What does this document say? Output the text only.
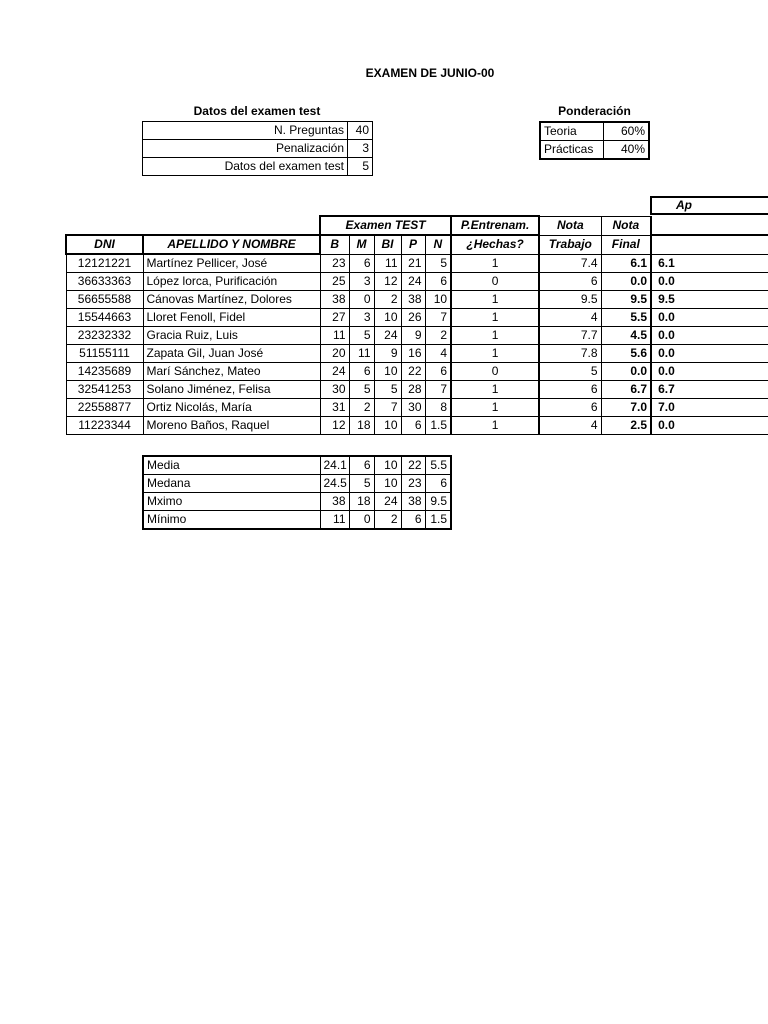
EXAMEN DE JUNIO-00
Datos del examen test
N. Preguntas	40
Penalización	3
Datos del examen test	5
Ponderación
Teoria	60%
Prácticas	40%
Ap
		Examen TEST					P.Entrenam.	Nota	Nota	
DNI	APELLIDO Y NOMBRE	B	M	BI	P	N	¿Hechas?	Trabajo	Final	
12121221	Martínez Pellicer, José	23	6	11	21	5	1	7.4	6.1	6.1
36633363	López lorca, Purificación	25	3	12	24	6	0	6	0.0	0.0
56655588	Cánovas Martínez, Dolores	38	0	2	38	10	1	9.5	9.5	9.5
15544663	Lloret Fenoll, Fidel	27	3	10	26	7	1	4	5.5	0.0
23232332	Gracia Ruiz, Luis	11	5	24	9	2	1	7.7	4.5	0.0
51155111	Zapata Gil, Juan José	20	11	9	16	4	1	7.8	5.6	0.0
14235689	Marí Sánchez, Mateo	24	6	10	22	6	0	5	0.0	0.0
32541253	Solano Jiménez, Felisa	30	5	5	28	7	1	6	6.7	6.7
22558877	Ortiz Nicolás, María	31	2	7	30	8	1	6	7.0	7.0
11223344	Moreno Baños, Raquel	12	18	10	6	1.5	1	4	2.5	0.0
Media	24.1	6	10	22	5.5
Medana	24.5	5	10	23	6
Mximo	38	18	24	38	9.5
Mínimo	11	0	2	6	1.5
